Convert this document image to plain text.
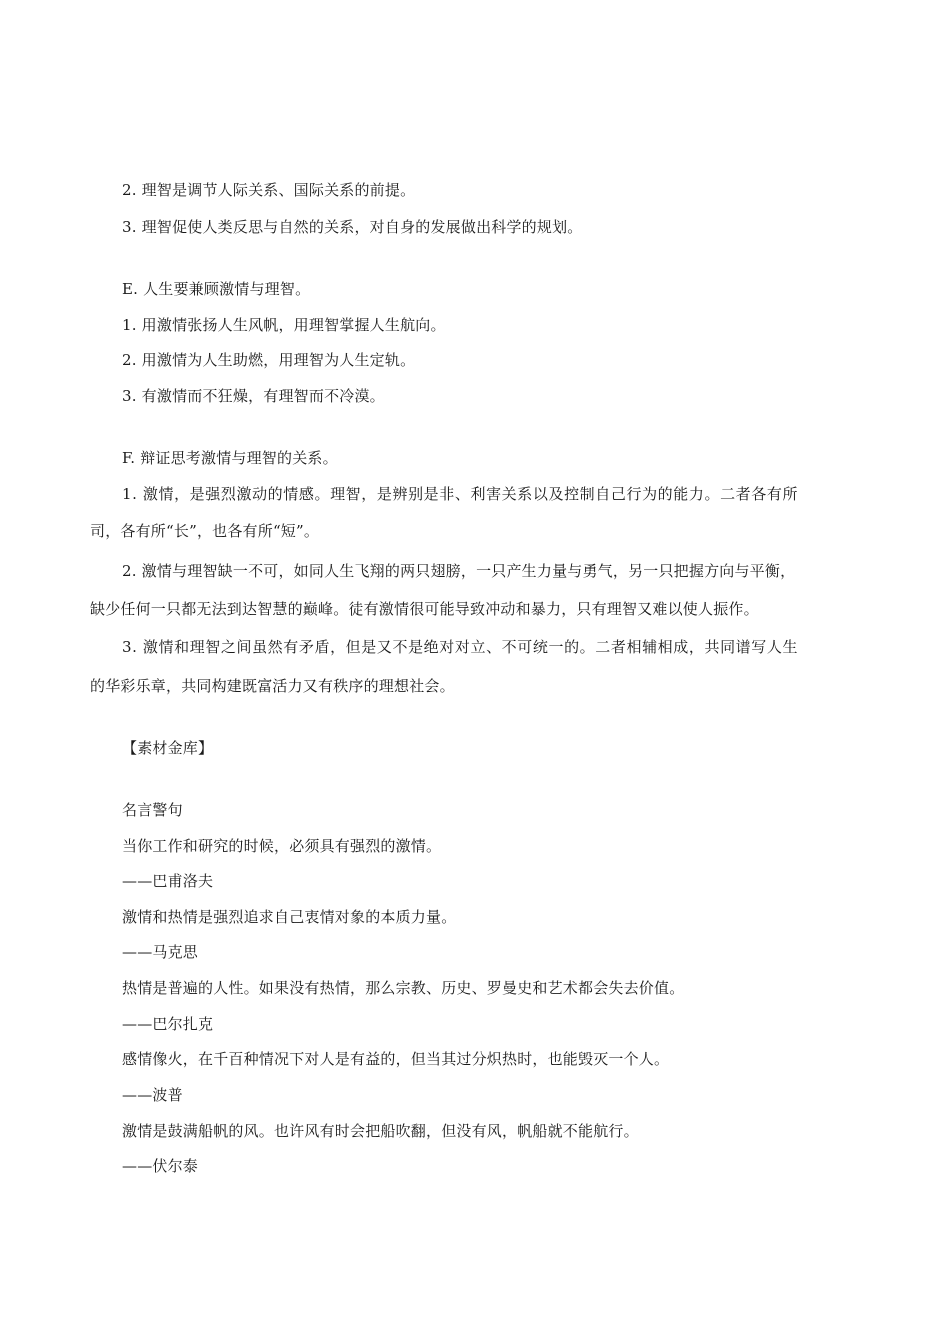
2. 理智是调节人际关系、国际关系的前提。
3. 理智促使人类反思与自然的关系，对自身的发展做出科学的规划。
E. 人生要兼顾激情与理智。
1. 用激情张扬人生风帆，用理智掌握人生航向。
2. 用激情为人生助燃，用理智为人生定轨。
3. 有激情而不狂燥，有理智而不冷漠。
F. 辩证思考激情与理智的关系。
1. 激情，是强烈激动的情感。理智，是辨别是非、利害关系以及控制自己行为的能力。二者各有所
司，各有所“长”，也各有所“短”。
2. 激情与理智缺一不可，如同人生飞翔的两只翅膀，一只产生力量与勇气，另一只把握方向与平衡，
缺少任何一只都无法到达智慧的巅峰。徒有激情很可能导致冲动和暴力，只有理智又难以使人振作。
3. 激情和理智之间虽然有矛盾，但是又不是绝对对立、不可统一的。二者相辅相成，共同谱写人生
的华彩乐章，共同构建既富活力又有秩序的理想社会。
【素材金库】
名言警句
当你工作和研究的时候，必须具有强烈的激情。
——巴甫洛夫
激情和热情是强烈追求自己衷情对象的本质力量。
——马克思
热情是普遍的人性。如果没有热情，那么宗教、历史、罗曼史和艺术都会失去价值。
——巴尔扎克
感情像火，在千百种情况下对人是有益的，但当其过分炽热时，也能毁灭一个人。
——波普
激情是鼓满船帆的风。也许风有时会把船吹翻，但没有风，帆船就不能航行。
——伏尔泰
